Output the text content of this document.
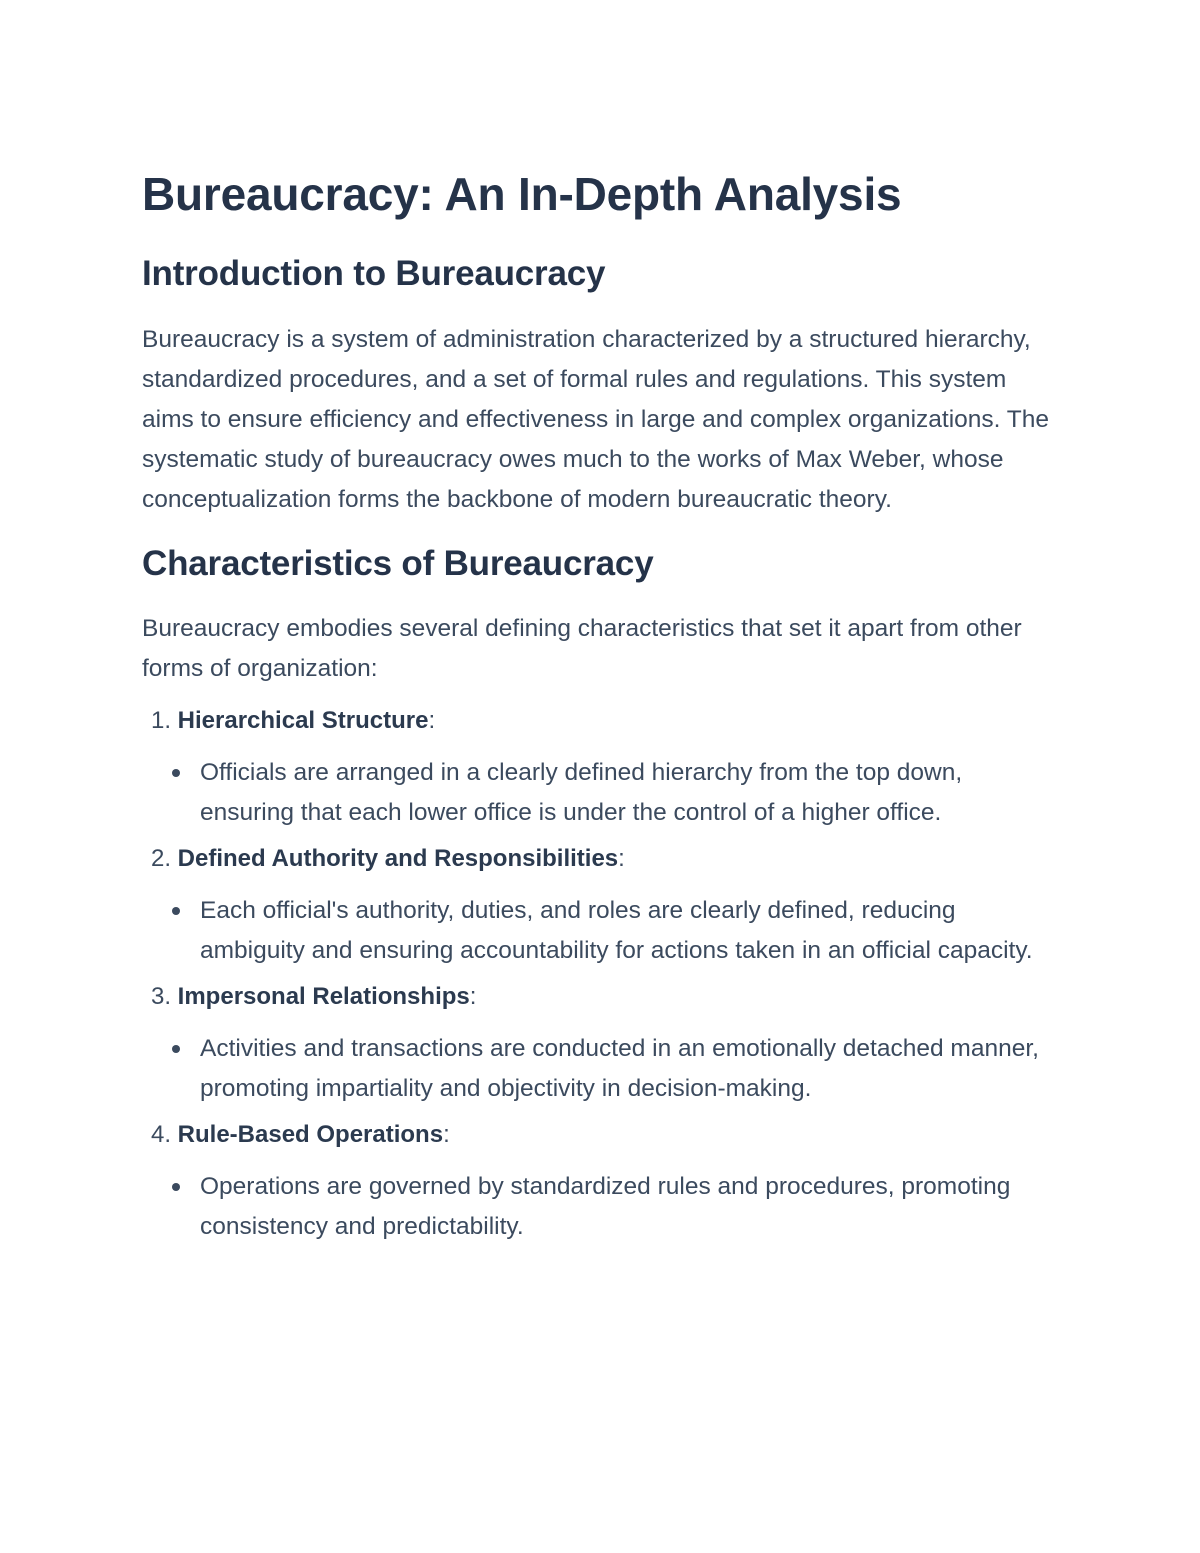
Bureaucracy: An In-Depth Analysis
Introduction to Bureaucracy

Bureaucracy is a system of administration characterized by a structured hierarchy, standardized procedures, and a set of formal rules and regulations. This system aims to ensure efficiency and effectiveness in large and complex organizations. The systematic study of bureaucracy owes much to the works of Max Weber, whose conceptualization forms the backbone of modern bureaucratic theory.

Characteristics of Bureaucracy

Bureaucracy embodies several defining characteristics that set it apart from other forms of organization:

1.
Hierarchical Structure :
Officials are arranged in a clearly defined hierarchy from the top down, ensuring that each lower office is under the control of a higher office.
2.
Defined Authority and Responsibilities :
Each official's authority, duties, and roles are clearly defined, reducing ambiguity and ensuring accountability for actions taken in an official capacity.
3.
Impersonal Relationships :
Activities and transactions are conducted in an emotionally detached manner, promoting impartiality and objectivity in decision-making.
4.
Rule-Based Operations :
Operations are governed by standardized rules and procedures, promoting consistency and predictability.
